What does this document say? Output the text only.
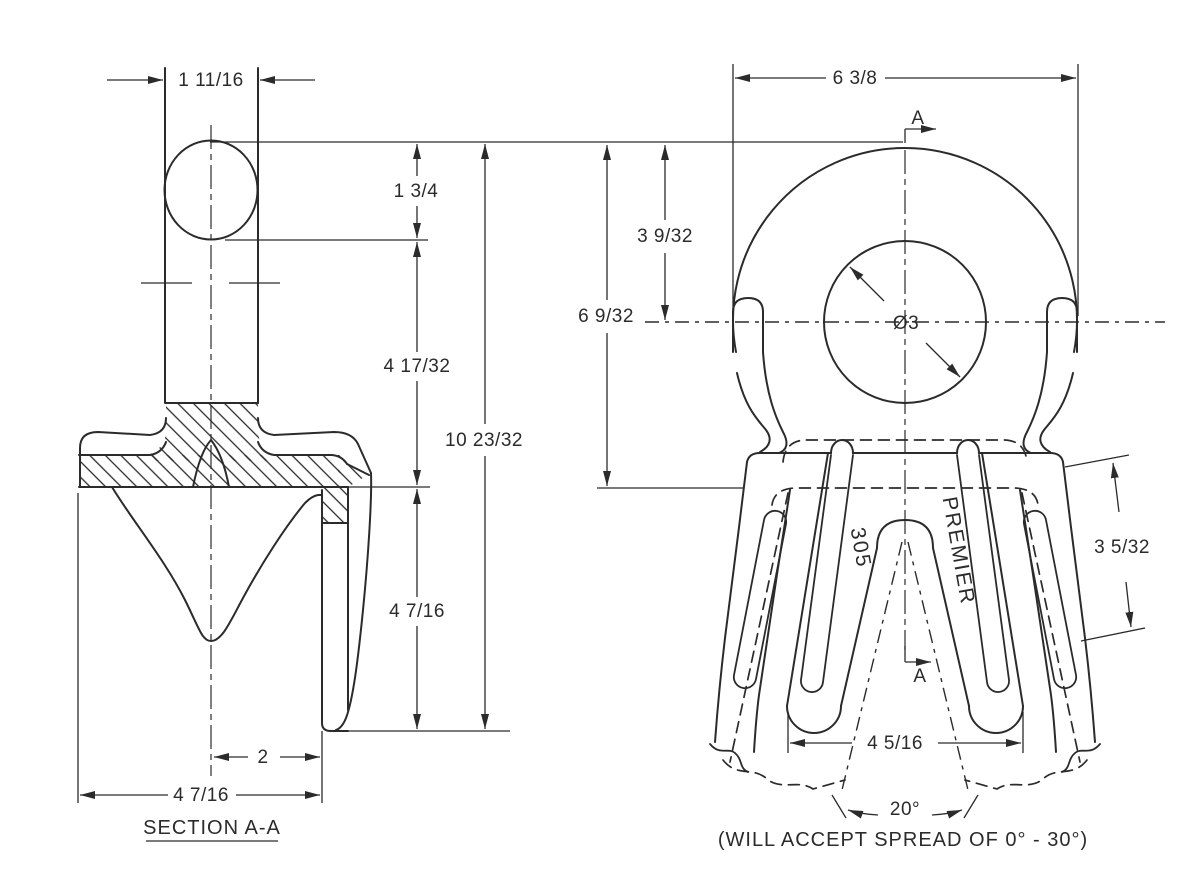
1 11/16
1 3/4
4 17/32
10 23/32
4 7/16
2
4 7/16
6 3/8
3 9/32
6 9/32	Ø3
3 5/32
4 5/16
20°
A
A
SECTION A-A
(WILL ACCEPT SPREAD OF 0° - 30°)
305	PREMIER
